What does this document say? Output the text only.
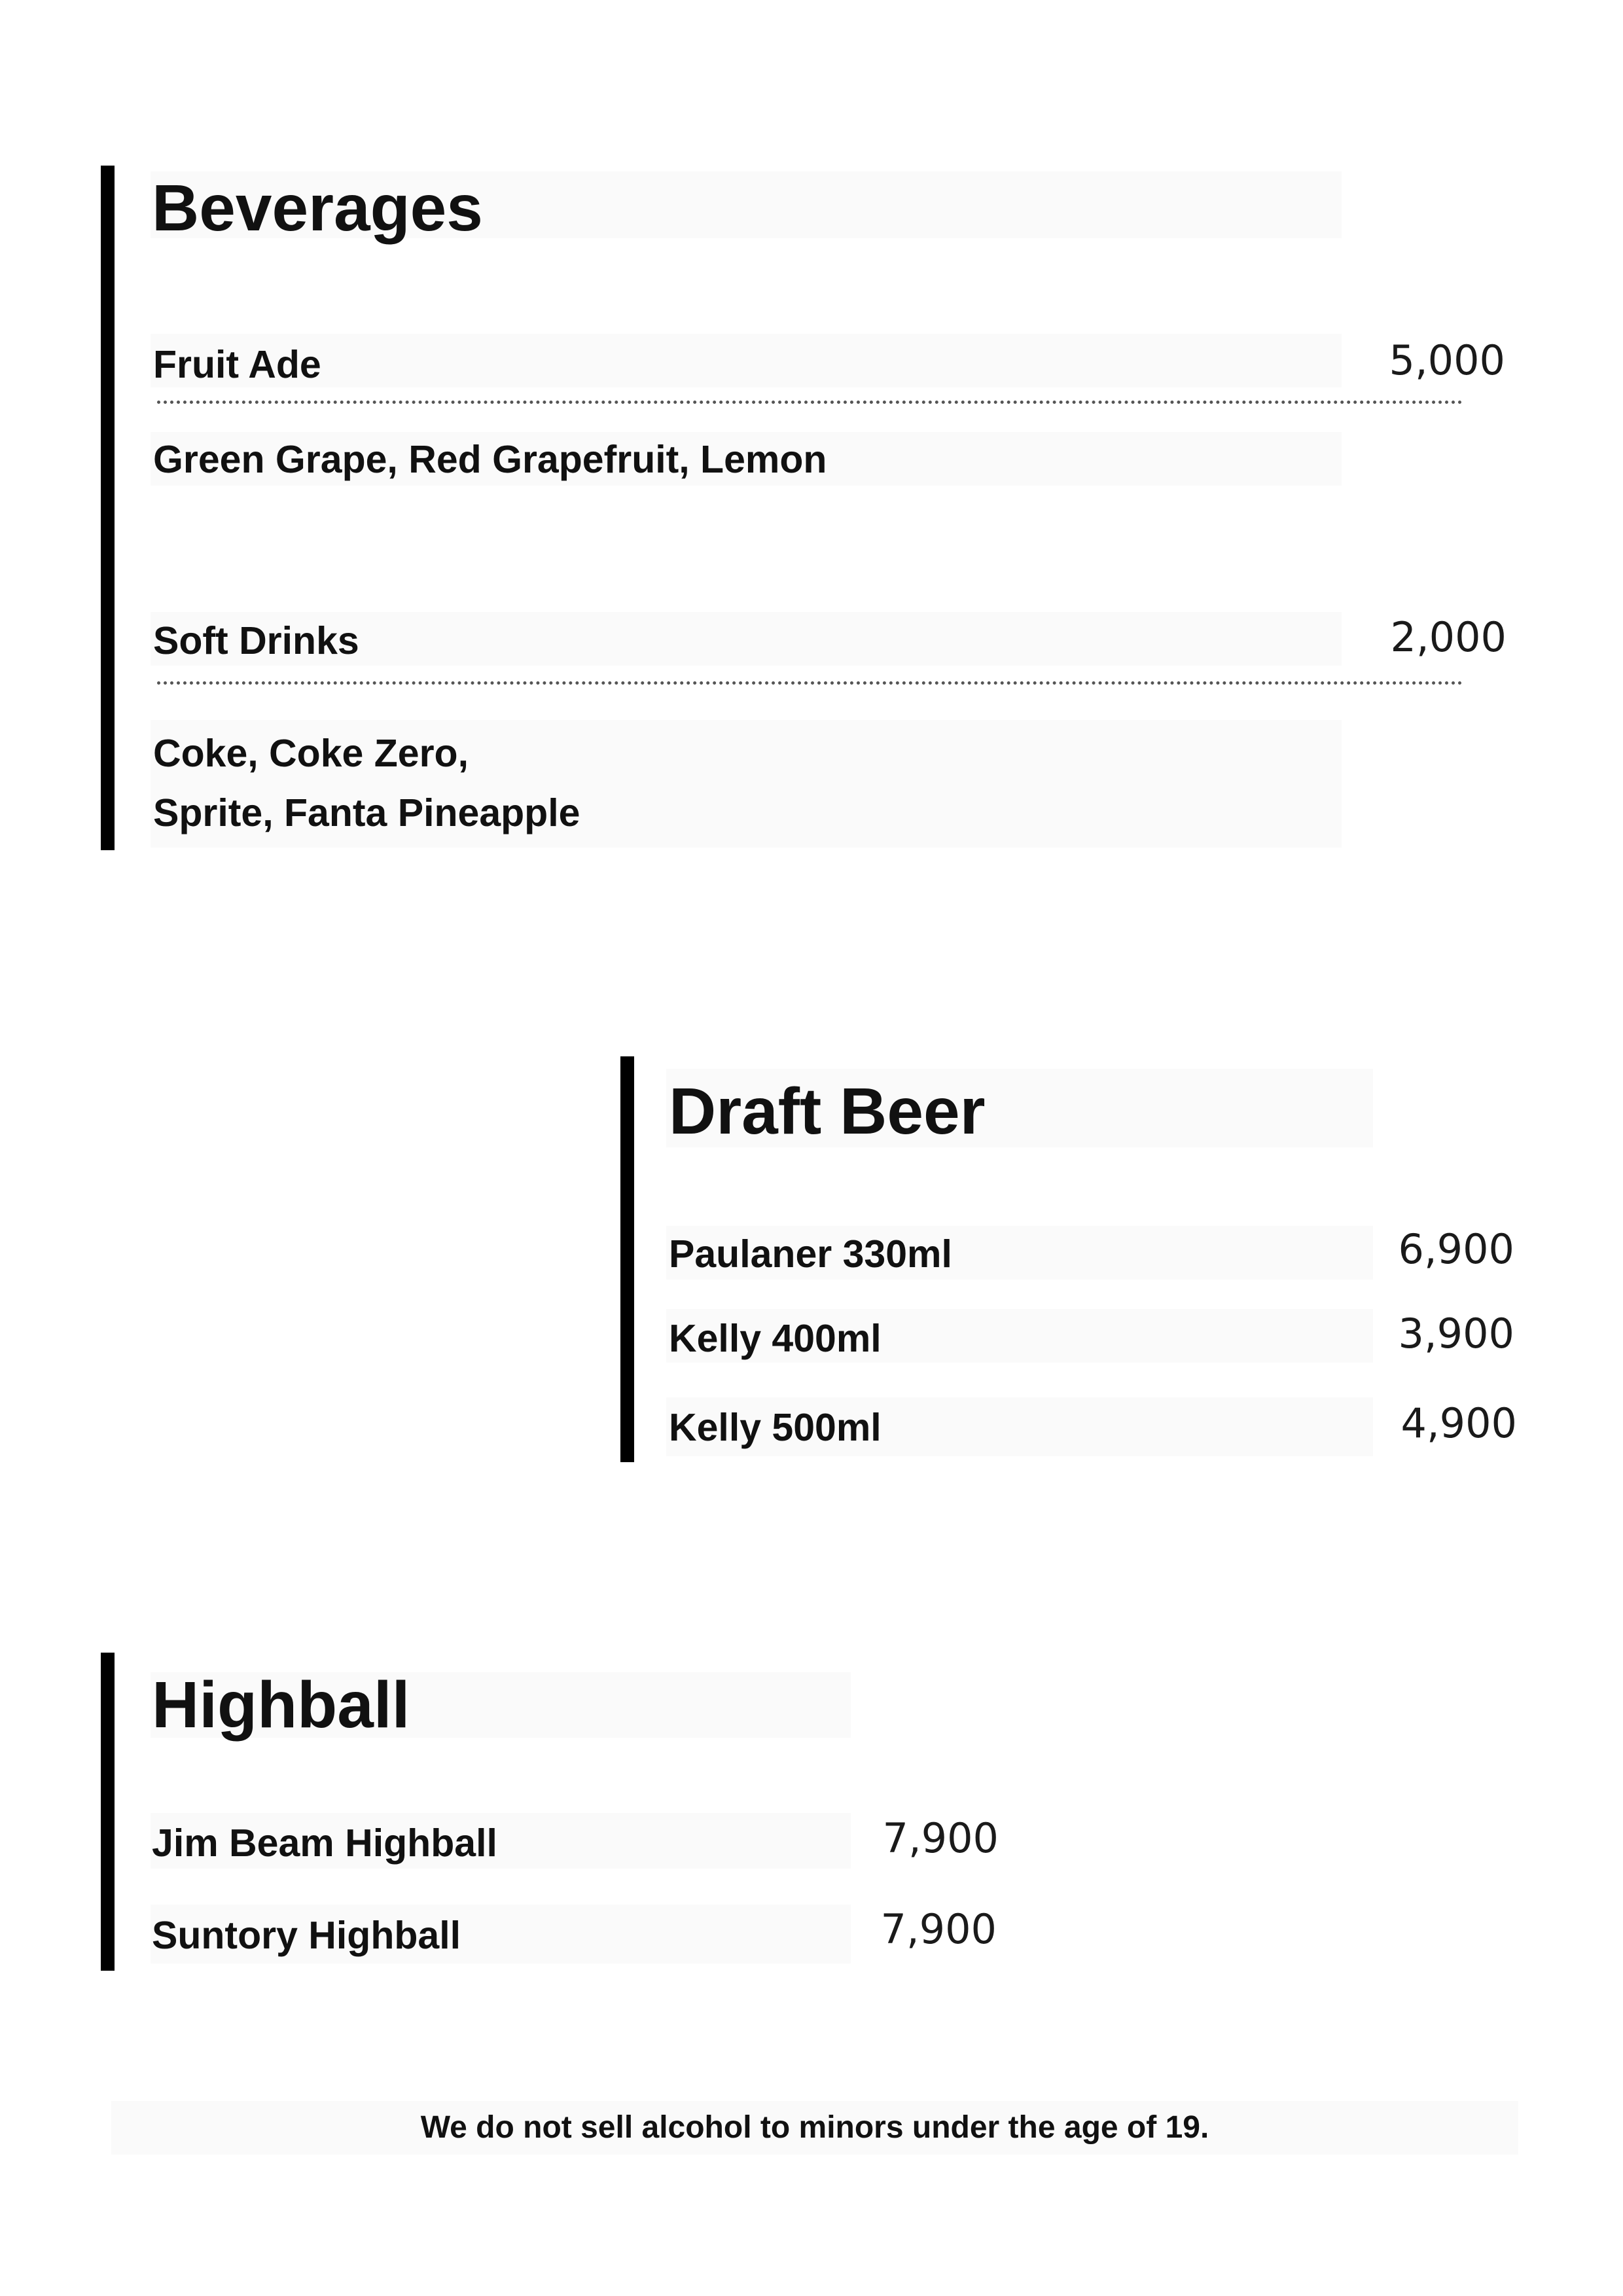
Beverages
Fruit Ade	5,000
Green Grape, Red Grapefruit, Lemon
Soft Drinks	2,000
Coke, Coke Zero,
Sprite, Fanta Pineapple
Draft Beer
Paulaner 330ml	6,900
Kelly 400ml	3,900
Kelly 500ml	4,900
Highball
Jim Beam Highball	7,900
Suntory Highball	7,900
We do not sell alcohol to minors under the age of 19.
